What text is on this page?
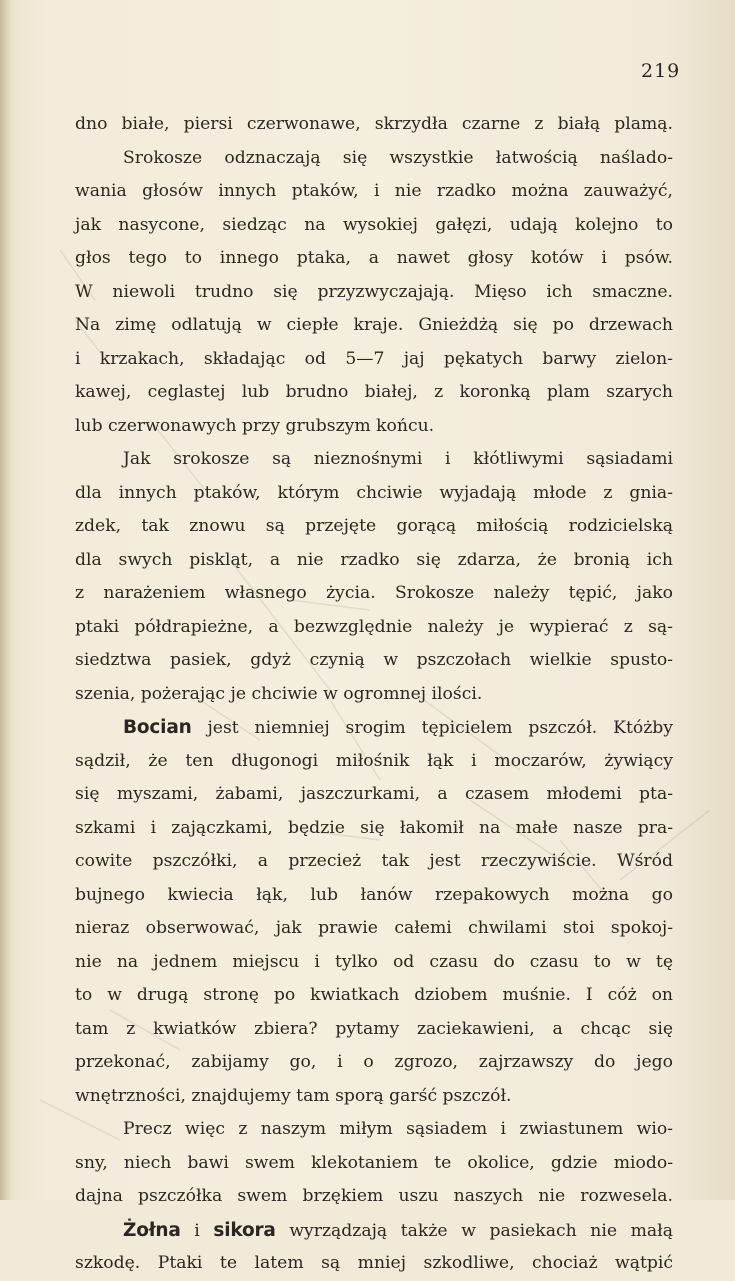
219
dno białe, piersi czerwonawe, skrzydła czarne z białą plamą.
Srokosze odznaczają się wszystkie łatwością naślado-
wania głosów innych ptaków, i nie rzadko można zauważyć,
jak nasycone, siedząc na wysokiej gałęzi, udają kolejno to
głos tego to innego ptaka, a nawet głosy kotów i psów.
W niewoli trudno się przyzwyczajają. Mięso ich smaczne.
Na zimę odlatują w ciepłe kraje. Gnieżdżą się po drzewach
i krzakach, składając od 5—7 jaj pękatych barwy zielon-
kawej, ceglastej lub brudno białej, z koronką plam szarych
lub czerwonawych przy grubszym końcu.
Jak srokosze są nieznośnymi i kłótliwymi sąsiadami
dla innych ptaków, którym chciwie wyjadają młode z gnia-
zdek, tak znowu są przejęte gorącą miłością rodzicielską
dla swych piskląt, a nie rzadko się zdarza, że bronią ich
z narażeniem własnego życia. Srokosze należy tępić, jako
ptaki półdrapieżne, a bezwzględnie należy je wypierać z są-
siedztwa pasiek, gdyż czynią w pszczołach wielkie spusto-
szenia, pożerając je chciwie w ogromnej ilości.
Bocian jest niemniej srogim tępicielem pszczół. Któżby
sądził, że ten długonogi miłośnik łąk i moczarów, żywiący
się myszami, żabami, jaszczurkami, a czasem młodemi pta-
szkami i zajączkami, będzie się łakomił na małe nasze pra-
cowite pszczółki, a przecież tak jest rzeczywiście. Wśród
bujnego kwiecia łąk, lub łanów rzepakowych można go
nieraz obserwować, jak prawie całemi chwilami stoi spokoj-
nie na jednem miejscu i tylko od czasu do czasu to w tę
to w drugą stronę po kwiatkach dziobem muśnie. I cóż on
tam z kwiatków zbiera? pytamy zaciekawieni, a chcąc się
przekonać, zabijamy go, i o zgrozo, zajrzawszy do jego
wnętrzności, znajdujemy tam sporą garść pszczół.
Precz więc z naszym miłym sąsiadem i zwiastunem wio-
sny, niech bawi swem klekotaniem te okolice, gdzie miodo-
dajna pszczółka swem brzękiem uszu naszych nie rozwesela.
Żołna i sikora wyrządzają także w pasiekach nie małą
szkodę. Ptaki te latem są mniej szkodliwe, chociaż wątpić
